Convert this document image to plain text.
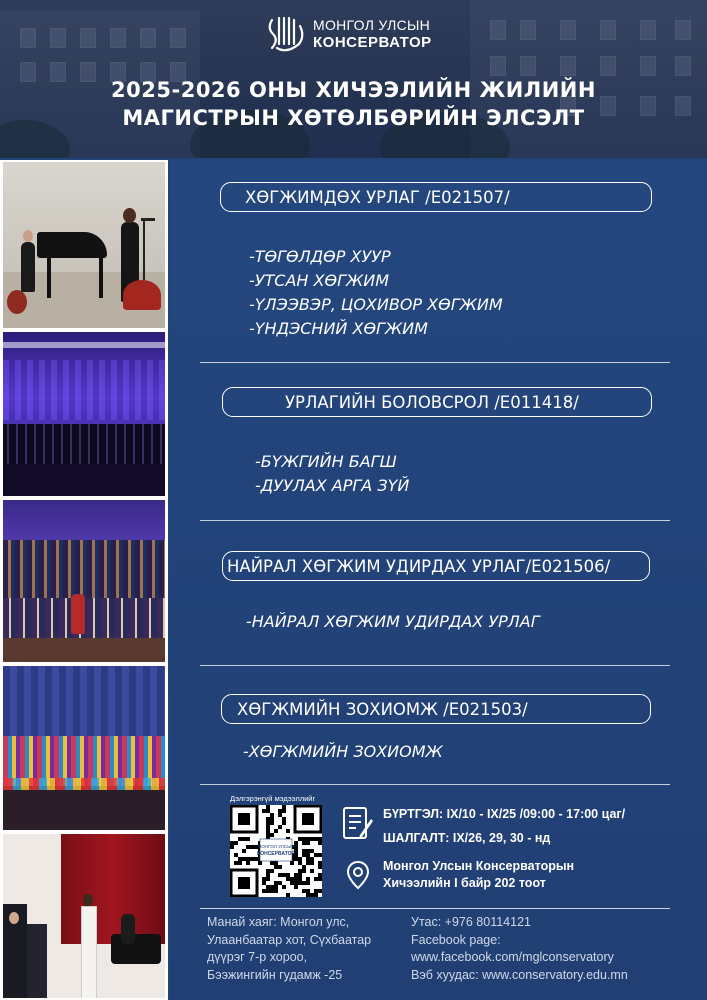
МОНГОЛ УЛСЫН
КОНСЕРВАТОР
2025-2026 ОНЫ ХИЧЭЭЛИЙН ЖИЛИЙН
МАГИСТРЫН ХӨТӨЛБӨРИЙН ЭЛСЭЛТ
ХӨГЖИМДӨХ УРЛАГ /Е021507/
-ТӨГӨЛДӨР ХУУР
-УТСАН ХӨГЖИМ
-ҮЛЭЭВЭР, ЦОХИВОР ХӨГЖИМ
-ҮНДЭСНИЙ ХӨГЖИМ
УРЛАГИЙН БОЛОВСРОЛ /Е011418/
-БҮЖГИЙН БАГШ
-ДУУЛАХ АРГА ЗҮЙ
НАЙРАЛ ХӨГЖИМ УДИРДАХ УРЛАГ/Е021506/
-НАЙРАЛ ХӨГЖИМ УДИРДАХ УРЛАГ
ХӨГЖМИЙН ЗОХИОМЖ /Е021503/
-ХӨГЖМИЙН ЗОХИОМЖ
Дэлгэрэнгүй мэдээллийг
МОНГОЛ УЛСЫН
КОНСЕРВАТОР
БҮРТГЭЛ: IX/10 - IX/25 /09:00 - 17:00 цаг/
ШАЛГАЛТ: IX/26, 29, 30 - нд
Монгол Улсын Консерваторын
Хичээлийн I байр 202 тоот
Манай хаяг: Монгол улс,
Улаанбаатар хот, Сүхбаатар
дүүрэг 7-р хороо,
Бээжингийн гудамж -25
Утас: +976 80114121
Facebook page:
www.facebook.com/mglconservatory
Вэб хуудас: www.conservatory.edu.mn
